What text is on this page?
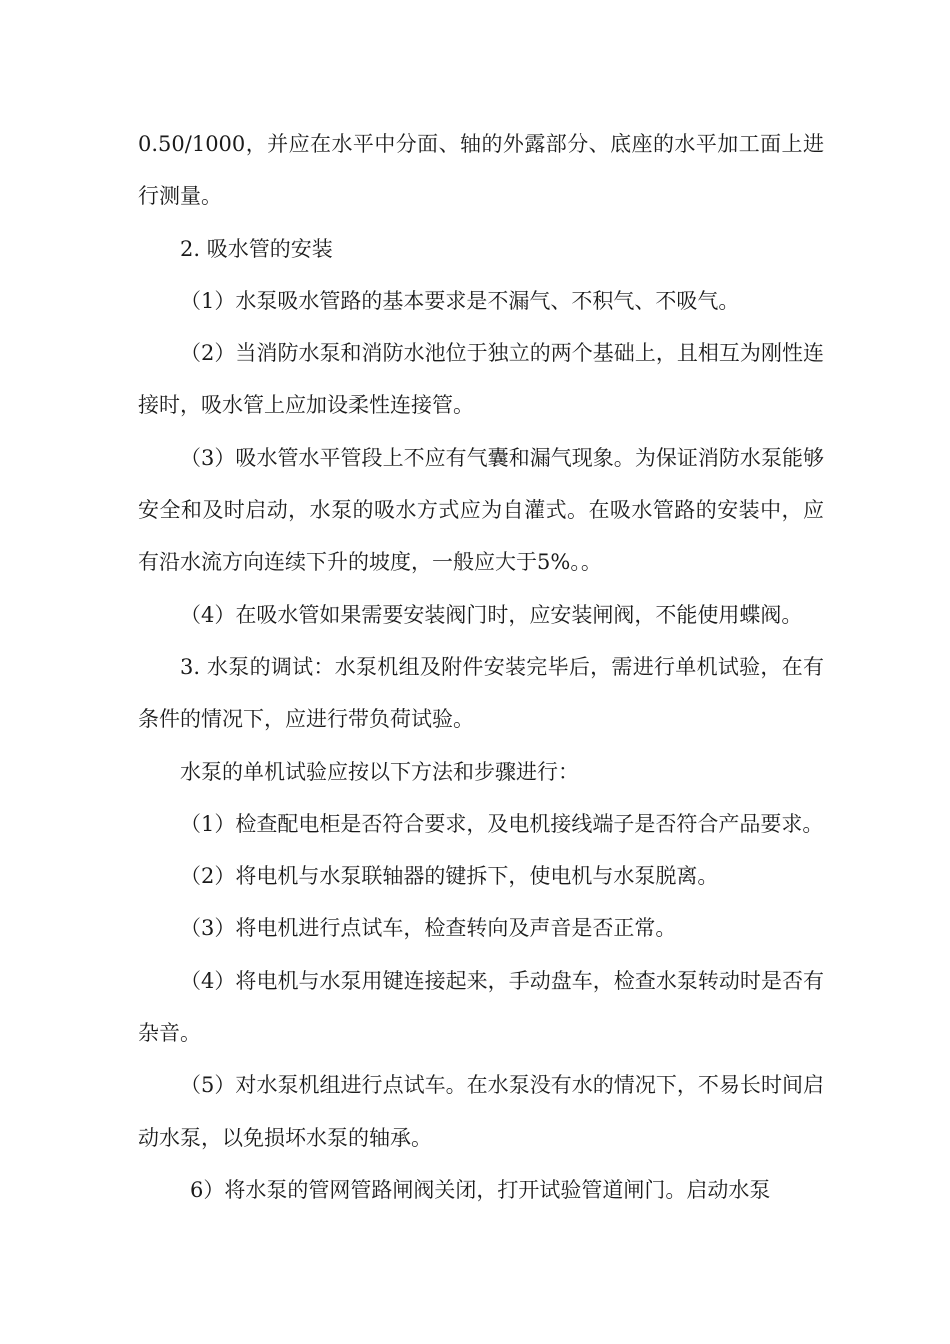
0.50/1000，并应在水平中分面、轴的外露部分、底座的水平加工面上进行测量。

2. 吸水管的安装

（1）水泵吸水管路的基本要求是不漏气、不积气、不吸气。

（2）当消防水泵和消防水池位于独立的两个基础上，且相互为刚性连接时，吸水管上应加设柔性连接管。

（3）吸水管水平管段上不应有气囊和漏气现象。为保证消防水泵能够安全和及时启动，水泵的吸水方式应为自灌式。在吸水管路的安装中，应有沿水流方向连续下升的坡度，一般应大于5%。。

（4）在吸水管如果需要安装阀门时，应安装闸阀，不能使用蝶阀。

3. 水泵的调试：水泵机组及附件安装完毕后，需进行单机试验，在有条件的情况下，应进行带负荷试验。

水泵的单机试验应按以下方法和步骤进行：

（1）检查配电柜是否符合要求，及电机接线端子是否符合产品要求。

（2）将电机与水泵联轴器的键拆下，使电机与水泵脱离。

（3）将电机进行点试车，检查转向及声音是否正常。

（4）将电机与水泵用键连接起来，手动盘车，检查水泵转动时是否有杂音。

（5）对水泵机组进行点试车。在水泵没有水的情况下，不易长时间启动水泵，以免损坏水泵的轴承。

6）将水泵的管网管路闸阀关闭，打开试验管道闸门。启动水泵
